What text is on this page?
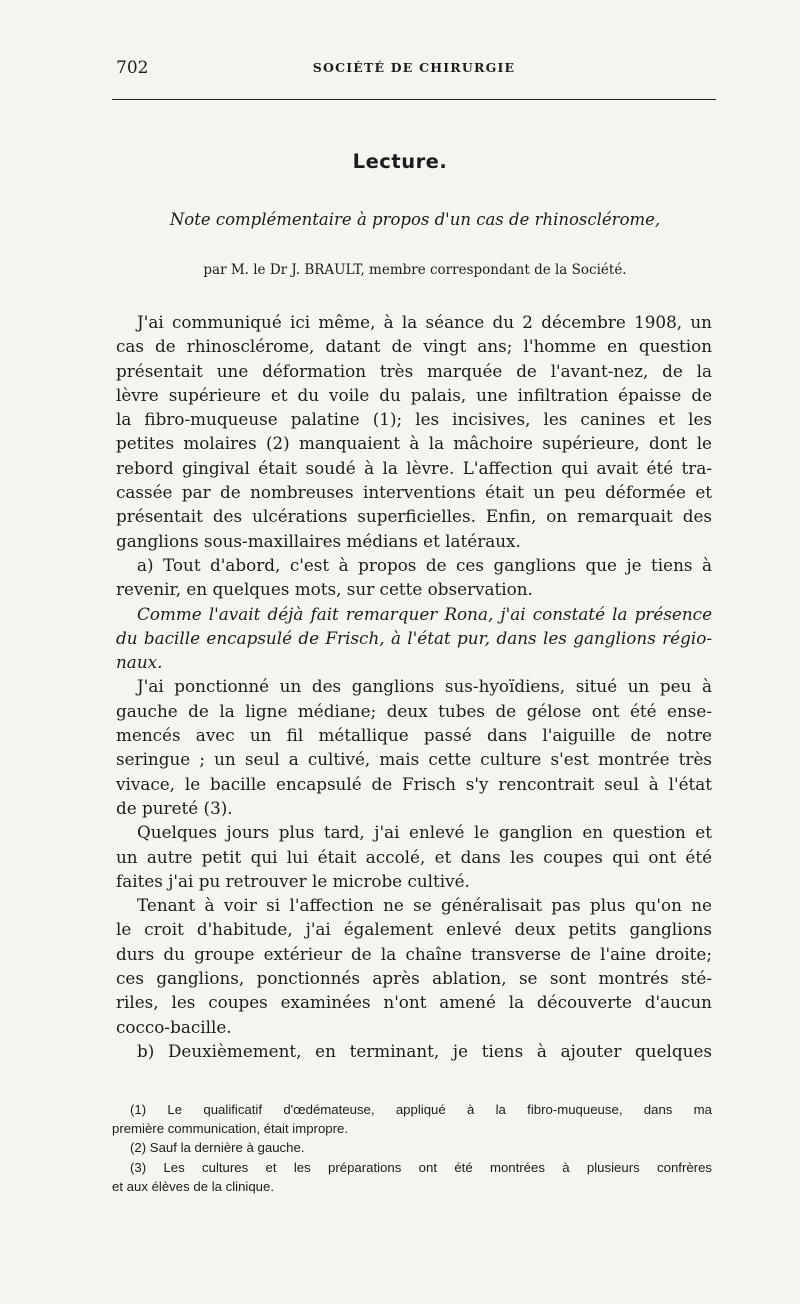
702	SOCIÉTÉ DE CHIRURGIE
Lecture.
Note complémentaire à propos d'un cas de rhinosclérome,
par M. le Dr J. BRAULT, membre correspondant de la Société.
J'ai communiqué ici même, à la séance du 2 décembre 1908, un
cas de rhinosclérome, datant de vingt ans; l'homme en question
présentait une déformation très marquée de l'avant-nez, de la
lèvre supérieure et du voile du palais, une infiltration épaisse de
la fibro-muqueuse palatine (1); les incisives, les canines et les
petites molaires (2) manquaient à la mâchoire supérieure, dont le
rebord gingival était soudé à la lèvre. L'affection qui avait été tra-
cassée par de nombreuses interventions était un peu déformée et
présentait des ulcérations superficielles. Enfin, on remarquait des
ganglions sous-maxillaires médians et latéraux.
a) Tout d'abord, c'est à propos de ces ganglions que je tiens à
revenir, en quelques mots, sur cette observation.
Comme l'avait déjà fait remarquer Rona, j'ai constaté la présence
du bacille encapsulé de Frisch, à l'état pur, dans les ganglions régio-
naux.
J'ai ponctionné un des ganglions sus-hyoïdiens, situé un peu à
gauche de la ligne médiane; deux tubes de gélose ont été ense-
mencés avec un fil métallique passé dans l'aiguille de notre
seringue ; un seul a cultivé, mais cette culture s'est montrée très
vivace, le bacille encapsulé de Frisch s'y rencontrait seul à l'état
de pureté (3).
Quelques jours plus tard, j'ai enlevé le ganglion en question et
un autre petit qui lui était accolé, et dans les coupes qui ont été
faites j'ai pu retrouver le microbe cultivé.
Tenant à voir si l'affection ne se généralisait pas plus qu'on ne
le croit d'habitude, j'ai également enlevé deux petits ganglions
durs du groupe extérieur de la chaîne transverse de l'aine droite;
ces ganglions, ponctionnés après ablation, se sont montrés sté-
riles, les coupes examinées n'ont amené la découverte d'aucun
cocco-bacille.
b) Deuxièmement, en terminant, je tiens à ajouter quelques
(1) Le qualificatif d'œdémateuse, appliqué à la fibro-muqueuse, dans ma
première communication, était impropre.
(2) Sauf la dernière à gauche.
(3) Les cultures et les préparations ont été montrées à plusieurs confrères
et aux élèves de la clinique.
